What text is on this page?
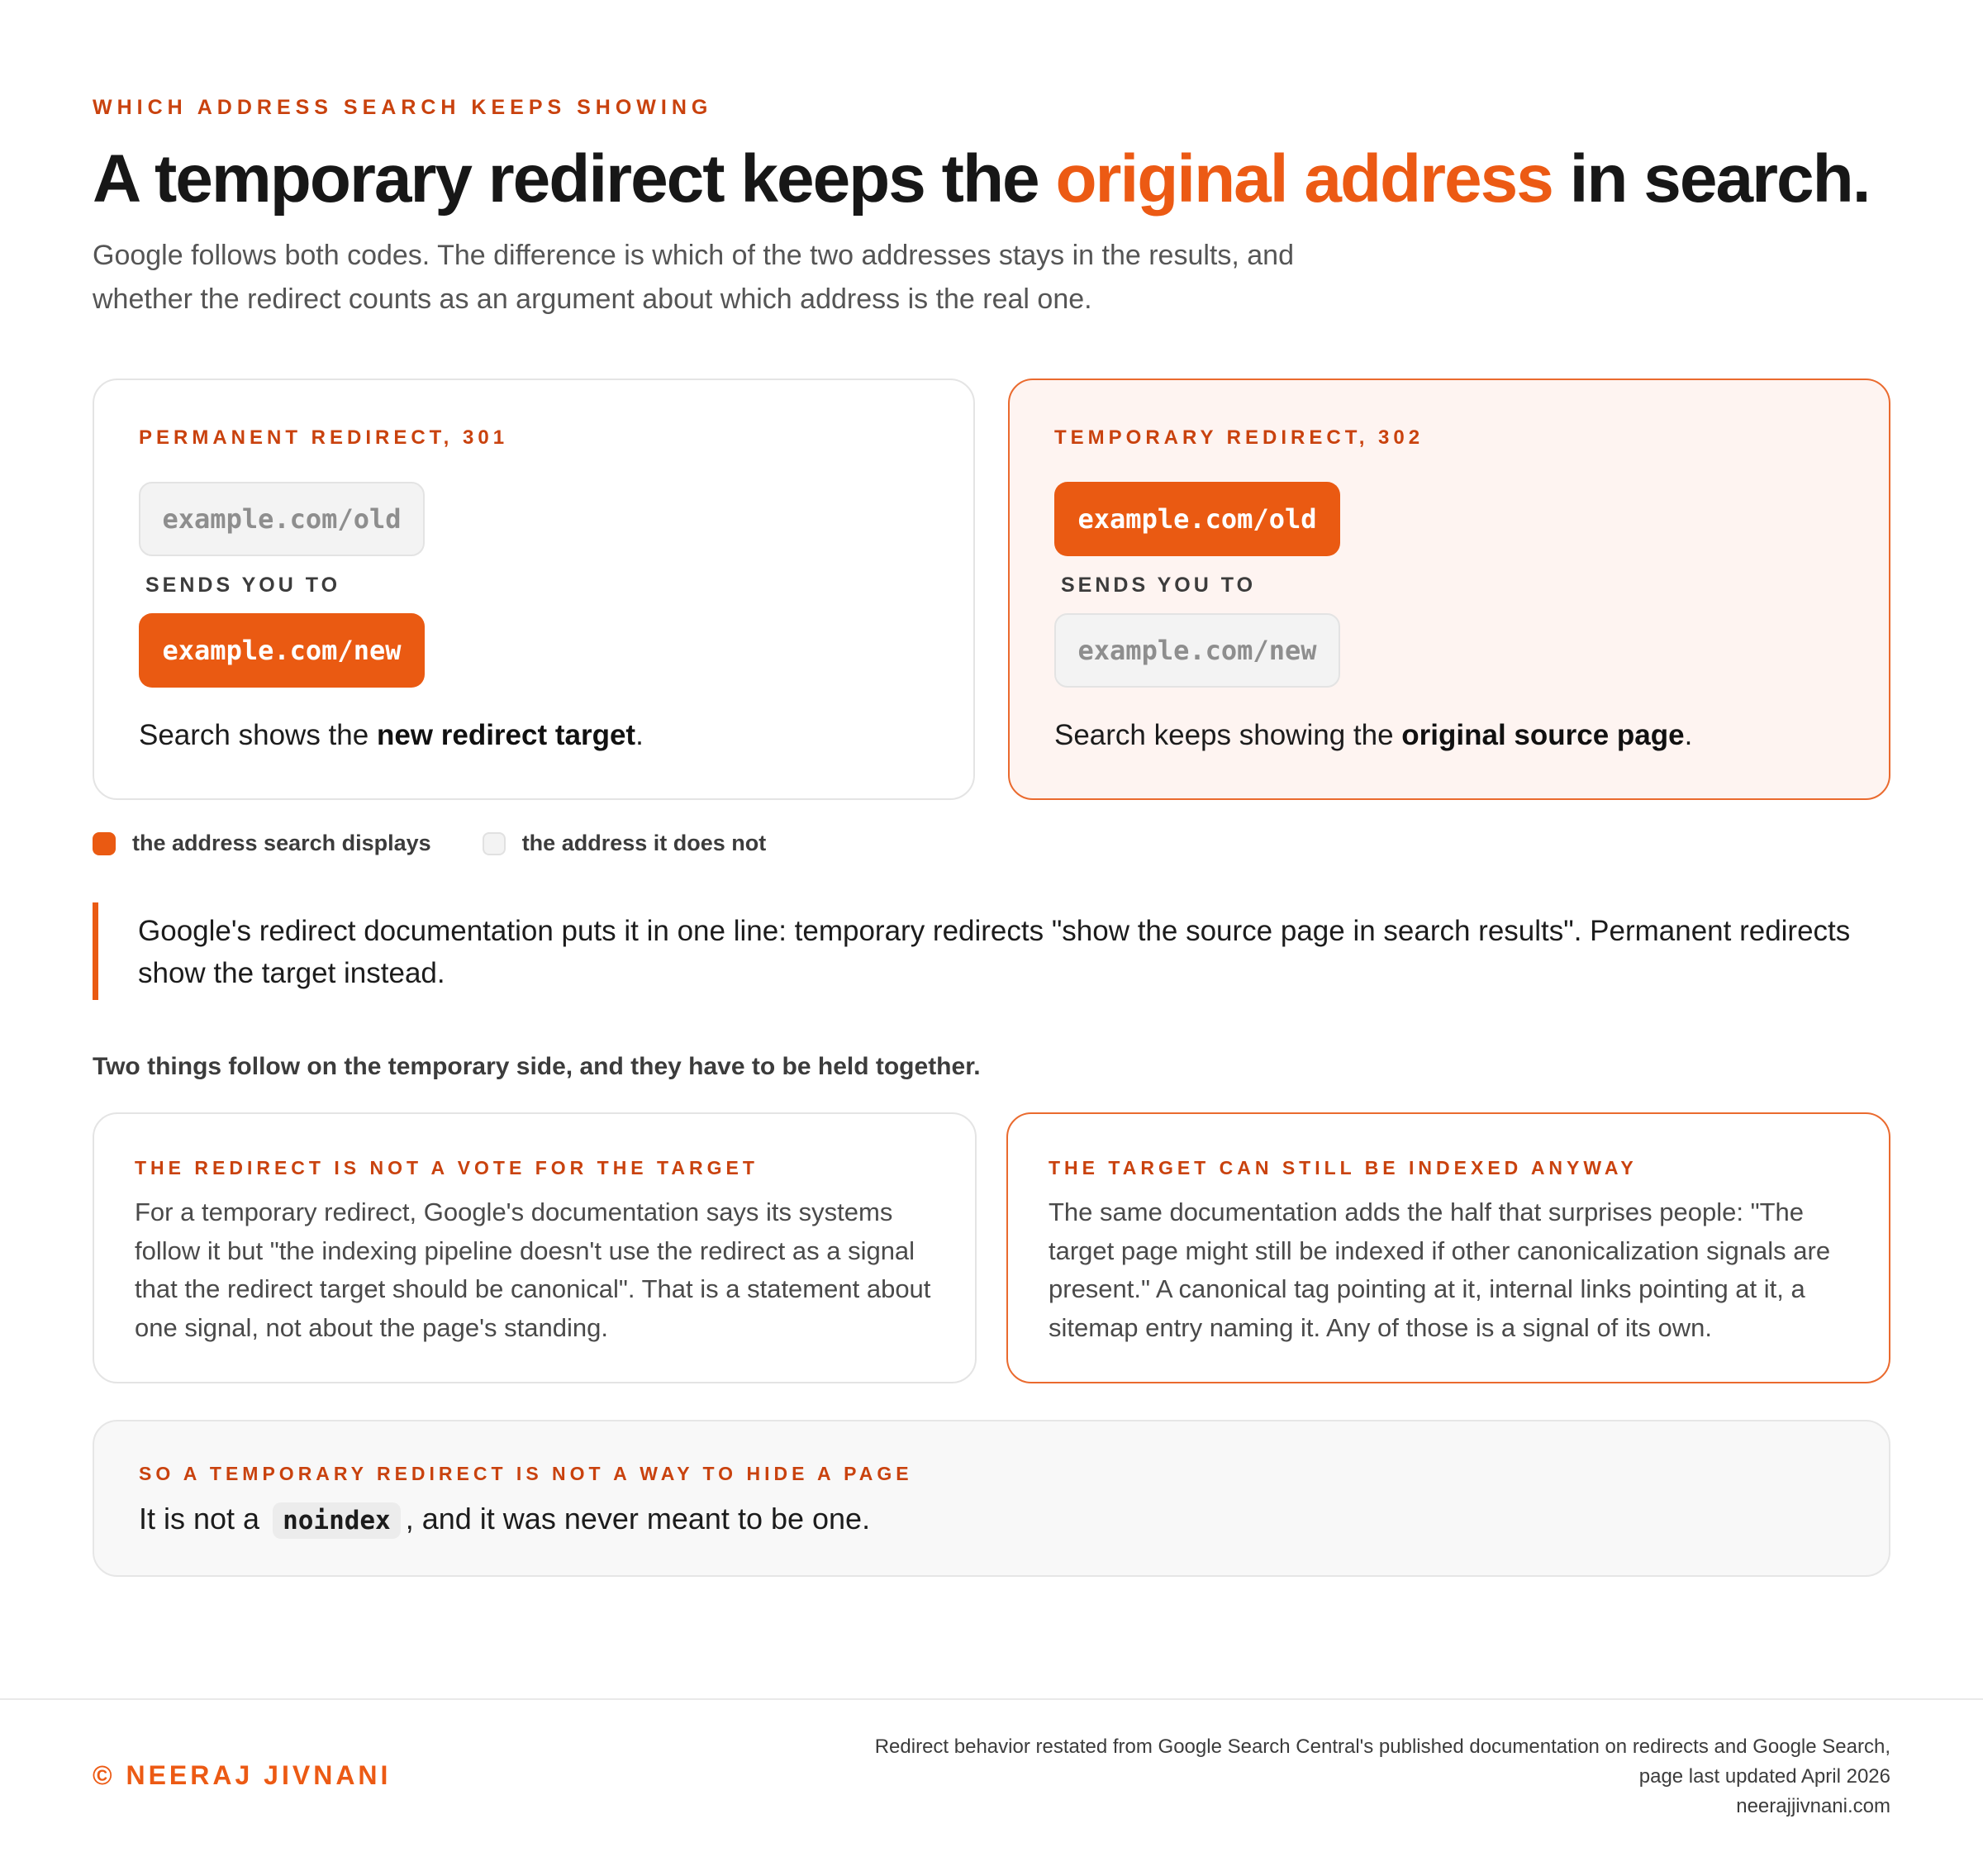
WHICH ADDRESS SEARCH KEEPS SHOWING
A temporary redirect keeps the original address in search.
Google follows both codes. The difference is which of the two addresses stays in the results, and whether the redirect counts as an argument about which address is the real one.
PERMANENT REDIRECT, 301
example.com/old
SENDS YOU TO
example.com/new
Search shows the new redirect target.
TEMPORARY REDIRECT, 302
example.com/old
SENDS YOU TO
example.com/new
Search keeps showing the original source page.
the address search displays	the address it does not
Google's redirect documentation puts it in one line: temporary redirects "show the source page in search results". Permanent redirects show the target instead.
Two things follow on the temporary side, and they have to be held together.
THE REDIRECT IS NOT A VOTE FOR THE TARGET
For a temporary redirect, Google's documentation says its systems follow it but "the indexing pipeline doesn't use the redirect as a signal that the redirect target should be canonical". That is a statement about one signal, not about the page's standing.
THE TARGET CAN STILL BE INDEXED ANYWAY
The same documentation adds the half that surprises people: "The target page might still be indexed if other canonicalization signals are present." A canonical tag pointing at it, internal links pointing at it, a sitemap entry naming it. Any of those is a signal of its own.
SO A TEMPORARY REDIRECT IS NOT A WAY TO HIDE A PAGE
It is not a noindex , and it was never meant to be one.
© NEERAJ JIVNANI
Redirect behavior restated from Google Search Central's published documentation on redirects and Google Search,
page last updated April 2026
neerajjivnani.com
